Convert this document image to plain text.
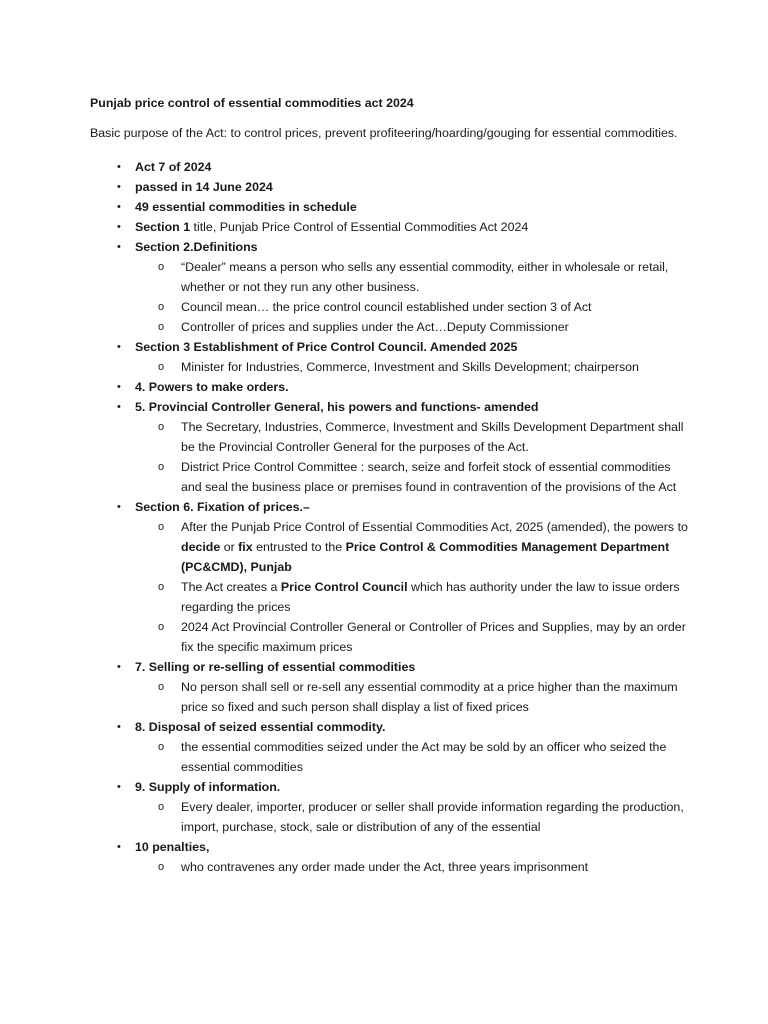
Punjab price control of essential commodities act 2024
Basic purpose of the Act: to control prices, prevent profiteering/hoarding/gouging for essential commodities.
• Act 7 of 2024
• passed in 14 June 2024
• 49 essential commodities in schedule
• Section 1 title, Punjab Price Control of Essential Commodities Act 2024
• Section 2.Definitions
o “Dealer” means a person who sells any essential commodity, either in wholesale or retail, whether or not they run any other business.
o Council mean… the price control council established under section 3 of Act
o Controller of prices and supplies under the Act…Deputy Commissioner
• Section 3 Establishment of Price Control Council. Amended 2025
o Minister for Industries, Commerce, Investment and Skills Development; chairperson
• 4. Powers to make orders.
• 5. Provincial Controller General, his powers and functions- amended
o The Secretary, Industries, Commerce, Investment and Skills Development Department shall be the Provincial Controller General for the purposes of the Act.
o District Price Control Committee : search, seize and forfeit stock of essential commodities and seal the business place or premises found in contravention of the provisions of the Act
• Section 6. Fixation of prices.–
o After the Punjab Price Control of Essential Commodities Act, 2025 (amended), the powers to decide or fix entrusted to the Price Control & Commodities Management Department (PC&CMD), Punjab
o The Act creates a Price Control Council which has authority under the law to issue orders regarding the prices
o 2024 Act Provincial Controller General or Controller of Prices and Supplies, may by an order fix the specific maximum prices
• 7. Selling or re-selling of essential commodities
o No person shall sell or re-sell any essential commodity at a price higher than the maximum price so fixed and such person shall display a list of fixed prices
• 8. Disposal of seized essential commodity.
o the essential commodities seized under the Act may be sold by an officer who seized the essential commodities
• 9. Supply of information.
o Every dealer, importer, producer or seller shall provide information regarding the production, import, purchase, stock, sale or distribution of any of the essential
• 10 penalties,
o who contravenes any order made under the Act, three years imprisonment
